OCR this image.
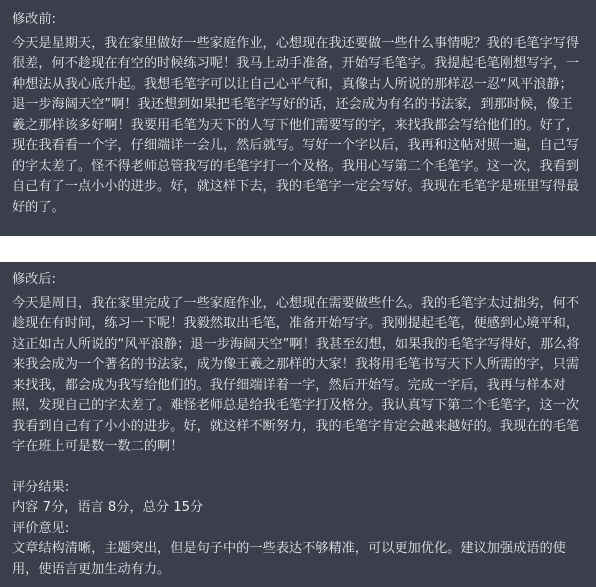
修改前:
今天是星期天，我在家里做好一些家庭作业，心想现在我还要做一些什么事情呢？我的毛笔字写得很差，何不趁现在有空的时候练习呢！我马上动手准备，开始写毛笔字。我提起毛笔刚想写字，一种想法从我心底升起。我想毛笔字可以让自己心平气和，真像古人所说的那样忍一忍“风平浪静；退一步海阔天空”啊！我还想到如果把毛笔字写好的话，还会成为有名的书法家，到那时候，像王羲之那样该多好啊！我要用毛笔为天下的人写下他们需要写的字，来找我都会写给他们的。好了，现在我看看一个字，仔细端详一会儿，然后就写。写好一个字以后，我再和这帖对照一遍，自己写的字太差了。怪不得老师总管我写的毛笔字打一个及格。我用心写第二个毛笔字。这一次，我看到自己有了一点小小的进步。好，就这样下去，我的毛笔字一定会写好。我现在毛笔字是班里写得最好的了。
修改后:
今天是周日，我在家里完成了一些家庭作业，心想现在需要做些什么。我的毛笔字太过拙劣，何不趁现在有时间，练习一下呢！我毅然取出毛笔，准备开始写字。我刚提起毛笔，便感到心境平和，这正如古人所说的“风平浪静；退一步海阔天空”啊！我甚至幻想，如果我的毛笔字写得好，那么将来我会成为一个著名的书法家，成为像王羲之那样的大家！我将用毛笔书写天下人所需的字，只需来找我，都会成为我写给他们的。我仔细端详着一字，然后开始写。完成一字后，我再与样本对照，发现自己的字太差了。难怪老师总是给我毛笔字打及格分。我认真写下第二个毛笔字，这一次我看到自己有了小小的进步。好，就这样不断努力，我的毛笔字肯定会越来越好的。我现在的毛笔字在班上可是数一数二的啊！
评分结果:
内容 7分，语言 8分，总分 15分
评价意见:
文章结构清晰，主题突出，但是句子中的一些表达不够精准，可以更加优化。建议加强成语的使用，使语言更加生动有力。
